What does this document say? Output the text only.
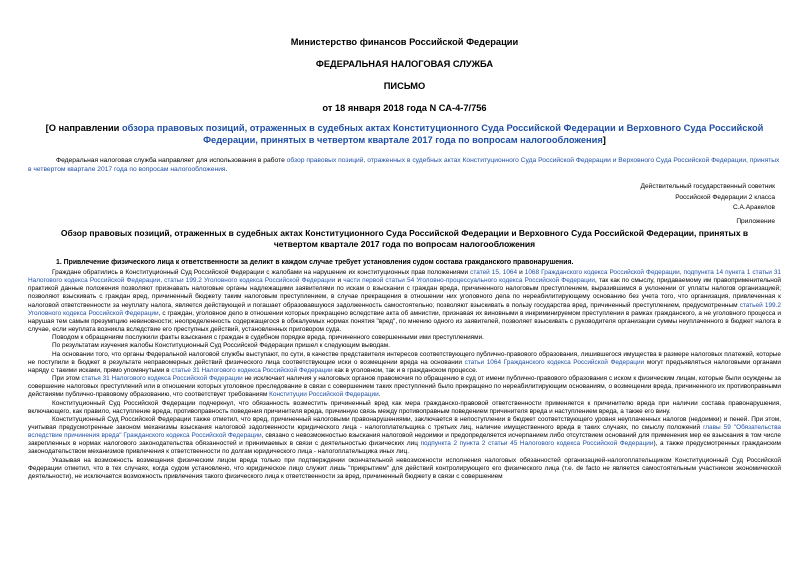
Министерство финансов Российской Федерации
ФЕДЕРАЛЬНАЯ НАЛОГОВАЯ СЛУЖБА
ПИСЬМО
от 18 января 2018 года N СА-4-7/756
[О направлении обзора правовых позиций, отраженных в судебных актах Конституционного Суда Российской Федерации и Верховного Суда Российской Федерации, принятых в четвертом квартале 2017 года по вопросам налогообложения]
Федеральная налоговая служба направляет для использования в работе обзор правовых позиций, отраженных в судебных актах Конституционного Суда Российской Федерации и Верховного Суда Российской Федерации, принятых в четвертом квартале 2017 года по вопросам налогообложения.
Действительный государственный советник
Российской Федерации 2 класса
С.А.Аракелов
Приложение
Обзор правовых позиций, отраженных в судебных актах Конституционного Суда Российской Федерации и Верховного Суда Российской Федерации, принятых в четвертом квартале 2017 года по вопросам налогообложения
1. Привлечение физического лица к ответственности за деликт в каждом случае требует установления судом состава гражданского правонарушения.

Граждане обратились в Конституционный Суд Российской Федерации с жалобами на нарушение их конституционных прав положениями статей 15, 1064 и 1068 Гражданского кодекса Российской Федерации, подпункта 14 пункта 1 статьи 31 Налогового кодекса Российской Федерации, статьи 199.2 Уголовного кодекса Российской Федерации и части первой статьи 54 Уголовно-процессуального кодекса Российской Федерации, так как по смыслу, придаваемому им правоприменительной практикой данные положения позволяют признавать налоговые органы надлежащими заявителями по искам о взыскании с граждан вреда, причиненного налоговым преступлением, выразившимся в уклонении от уплаты налогов организацией; позволяют взыскивать с граждан вред, причиненный бюджету таким налоговым преступлением, в случае прекращения в отношении них уголовного дела по нереабилитирующему основанию без учета того, что организация, привлеченная к налоговой ответственности за неуплату налога, является действующей и погашает образовавшуюся задолженность самостоятельно; позволяют взыскивать в пользу государства вред, причиненный преступлением, предусмотренным статьей 199.2 Уголовного кодекса Российской Федерации, с граждан, уголовное дело в отношении которых прекращено вследствие акта об амнистии, признавая их виновными в инкриминируемом преступлении в рамках гражданского, а не уголовного процесса и нарушая тем самым презумпцию невиновности; неопределенность содержащегося в обжалуемых нормах понятия "вред", по мнению одного из заявителей, позволяет взыскивать с руководителя организации суммы неуплаченного в бюджет налога в случае, если неуплата возникла вследствие его преступных действий, установленных приговором суда.

Поводом к обращениям послужили факты взыскания с граждан в судебном порядке вреда, причиненного совершенными ими преступлениями.

По результатам изучения жалобы Конституционный Суд Российской Федерации пришел к следующим выводам.

На основании того, что органы Федеральной налоговой службы выступают, по сути, в качестве представителя интересов соответствующего публично-правового образования, лишившегося имущества в размере налоговых платежей, которые не поступили в бюджет в результате неправомерных действий физического лица соответствующие иски о возмещении вреда на основании статьи 1064 Гражданского кодекса Российской Федерации могут предъявляться налоговыми органами наряду с такими исками, прямо упомянутыми в статье 31 Налогового кодекса Российской Федерации как в уголовном, так и в гражданском процессе.

При этом статья 31 Налогового кодекса Российской Федерации не исключает наличия у налоговых органов правомочия по обращению в суд от имени публично-правового образования с иском к физическим лицам, которые были осуждены за совершение налоговых преступлений или в отношении которых уголовное преследование в связи с совершением таких преступлений было прекращено по нереабилитирующим основаниям, о возмещении вреда, причиненного их противоправными действиями публично-правовому образованию, что соответствует требованиям Конституции Российской Федерации.

Конституционный Суд Российской Федерации подчеркнул, что обязанность возместить причиненный вред как мера гражданско-правовой ответственности применяется к причинителю вреда при наличии состава правонарушения, включающего, как правило, наступление вреда, противоправность поведения причинителя вреда, причинную связь между противоправным поведением причинителя вреда и наступлением вреда, а также его вину.

Конституционный Суд Российской Федерации также отметил, что вред, причиненный налоговыми правонарушениями, заключается в непоступлении в бюджет соответствующего уровня неуплаченных налогов (недоимки) и пеней. При этом, учитывая предусмотренные законом механизмы взыскания налоговой задолженности юридического лица - налогоплательщика с третьих лиц, наличие имущественного вреда в таких случаях, по смыслу положений главы 59 "Обязательства вследствие причинения вреда" Гражданского кодекса Российской Федерации, связано с невозможностью взыскания налоговой недоимки и предопределяется исчерпанием либо отсутствием оснований для применения мер ее взыскания в том числе закрепленных в нормах налогового законодательства обязанностей и принимаемых в связи с деятельностью физических лиц подпункта 2 пункта 2 статьи 45 Налогового кодекса Российской Федерации), а также предусмотренных гражданским законодательством механизмов привлечения к ответственности по долгам юридического лица - налогоплательщика иных лиц.

Указывая на возможность возмещения физическим лицом вреда только при подтверждении окончательной невозможности исполнения налоговых обязанностей организацией-налогоплательщиком Конституционный Суд Российской Федерации отметил, что в тех случаях, когда судом установлено, что юридическое лицо служит лишь "прикрытием" для действий контролирующего его физического лица (т.е. de facto не является самостоятельным участником экономической деятельности), не исключается возможность привлечения такого физического лица к ответственности за вред, причиненный бюджету в связи с совершением
